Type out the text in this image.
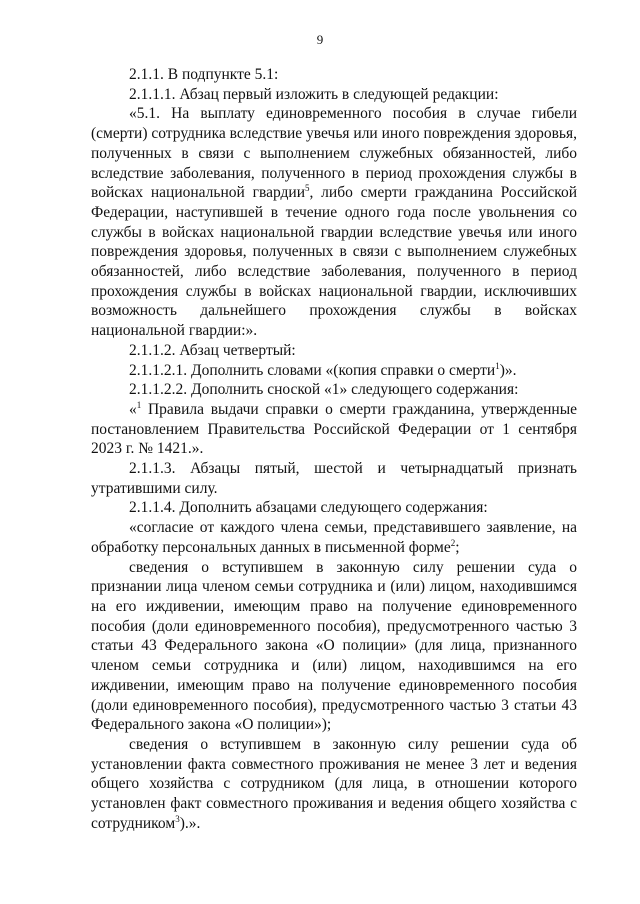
9

2.1.1. В подпункте 5.1:

2.1.1.1. Абзац первый изложить в следующей редакции:

«5.1. На выплату единовременного пособия в случае гибели (смерти) сотрудника вследствие увечья или иного повреждения здоровья, полученных в связи с выполнением служебных обязанностей, либо вследствие заболевания, полученного в период прохождения службы в войсках национальной гвардии$^5$, либо смерти гражданина Российской Федерации, наступившей в течение одного года после увольнения со службы в войсках национальной гвардии вследствие увечья или иного повреждения здоровья, полученных в связи с выполнением служебных обязанностей, либо вследствие заболевания, полученного в период прохождения службы в войсках национальной гвардии, исключивших возможность дальнейшего прохождения службы в войсках национальной гвардии:».

2.1.1.2. Абзац четвертый:

2.1.1.2.1. Дополнить словами «(копия справки о смерти$^1$)».

2.1.1.2.2. Дополнить сноской «1» следующего содержания:

«$^1$ Правила выдачи справки о смерти гражданина, утвержденные постановлением Правительства Российской Федерации от 1 сентября 2023 г. № 1421.».

2.1.1.3. Абзацы пятый, шестой и четырнадцатый признать утратившими силу.

2.1.1.4. Дополнить абзацами следующего содержания:

«согласие от каждого члена семьи, представившего заявление, на обработку персональных данных в письменной форме$^2$;

сведения о вступившем в законную силу решении суда о признании лица членом семьи сотрудника и (или) лицом, находившимся на его иждивении, имеющим право на получение единовременного пособия (доли единовременного пособия), предусмотренного частью 3 статьи 43 Федерального закона «О полиции» (для лица, признанного членом семьи сотрудника и (или) лицом, находившимся на его иждивении, имеющим право на получение единовременного пособия (доли единовременного пособия), предусмотренного частью 3 статьи 43 Федерального закона «О полиции»);

сведения о вступившем в законную силу решении суда об установлении факта совместного проживания не менее 3 лет и ведения общего хозяйства с сотрудником (для лица, в отношении которого установлен факт совместного проживания и ведения общего хозяйства с сотрудником$^3$).».
